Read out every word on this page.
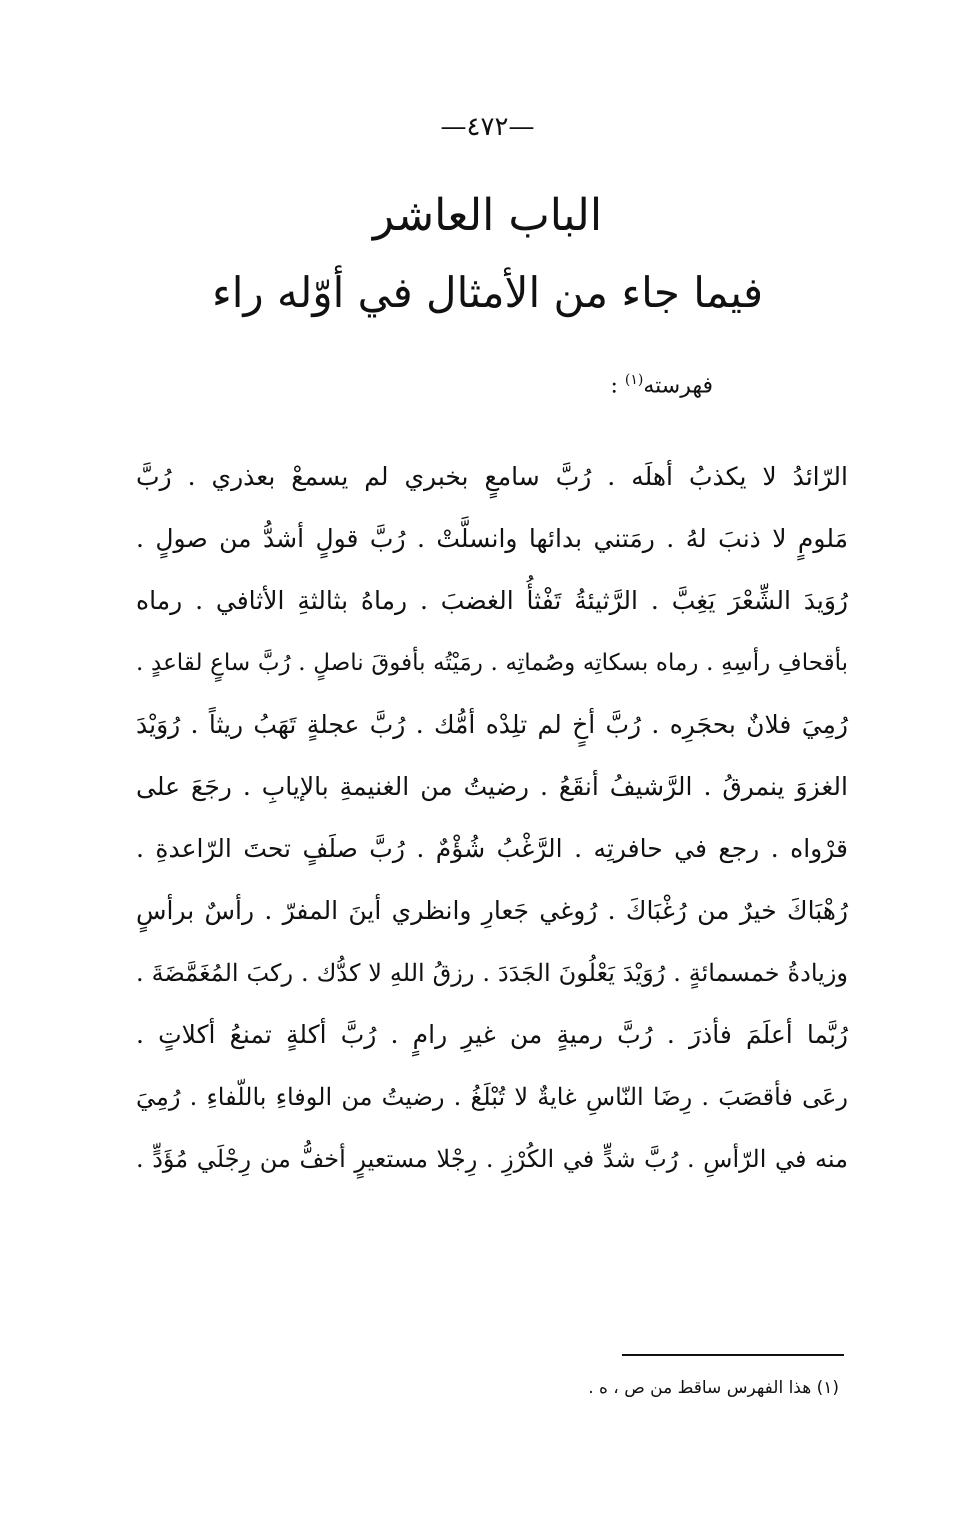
—٤٧٢—
الباب العاشر
فيما جاء من الأمثال في أوّله راء
فهرسته$^{(١)}$ :
الرّائدُ لا يكذبُ أهلَه . رُبَّ سامعٍ بخبري لم يسمعْ بعذري . رُبَّ
مَلومٍ لا ذنبَ لهُ . رمَتني بدائها وانسلَّتْ . رُبَّ قولٍ أشدُّ من صولٍ .
رُوَيدَ الشِّعْرَ يَغِبَّ . الرَّثيئةُ تَفْثأُ الغضبَ . رماهُ بثالثةِ الأثافي . رماه
بأقحافِ رأسِهِ . رماه بسكاتِه وصُماتِه . رمَيْتُه بأفوقَ ناصلٍ . رُبَّ ساعٍ لقاعدٍ .
رُمِيَ فلانٌ بحجَرِه . رُبَّ أخٍ لم تلِدْه أمُّك . رُبَّ عجلةٍ تَهَبُ ريثاً . رُوَيْدَ
الغزوَ ينمرقُ . الرَّشيفُ أنقَعُ . رضيتُ من الغنيمةِ بالإيابِ . رجَعَ على
قرْواه . رجع في حافرتِه . الرَّغْبُ شُؤْمٌ . رُبَّ صلَفٍ تحتَ الرّاعدةِ .
رُهْبَاكَ خيرٌ من رُغْبَاكَ . رُوغي جَعارِ وانظري أينَ المفرّ . رأسٌ برأسٍ
وزيادةُ خمسمائةٍ . رُوَيْدَ يَعْلُونَ الجَدَدَ . رزقُ اللهِ لا كدُّك . ركبَ المُغَمَّضَةَ .
رُبَّما أعلَمَ فأذرَ . رُبَّ رميةٍ من غيرِ رامٍ . رُبَّ أكلةٍ تمنعُ أكلاتٍ .
رعَى فأقصَبَ . رِضَا النّاسِ غايةٌ لا تُبْلَغُ . رضيتُ من الوفاءِ باللّفاءِ . رُمِيَ
منه في الرّأسِ . رُبَّ شدٍّ في الكُرْزِ . رِجْلا مستعيرٍ أخفُّ من رِجْلَي مُؤَدٍّ .
(١) هذا الفهرس ساقط من ص ، ه .
